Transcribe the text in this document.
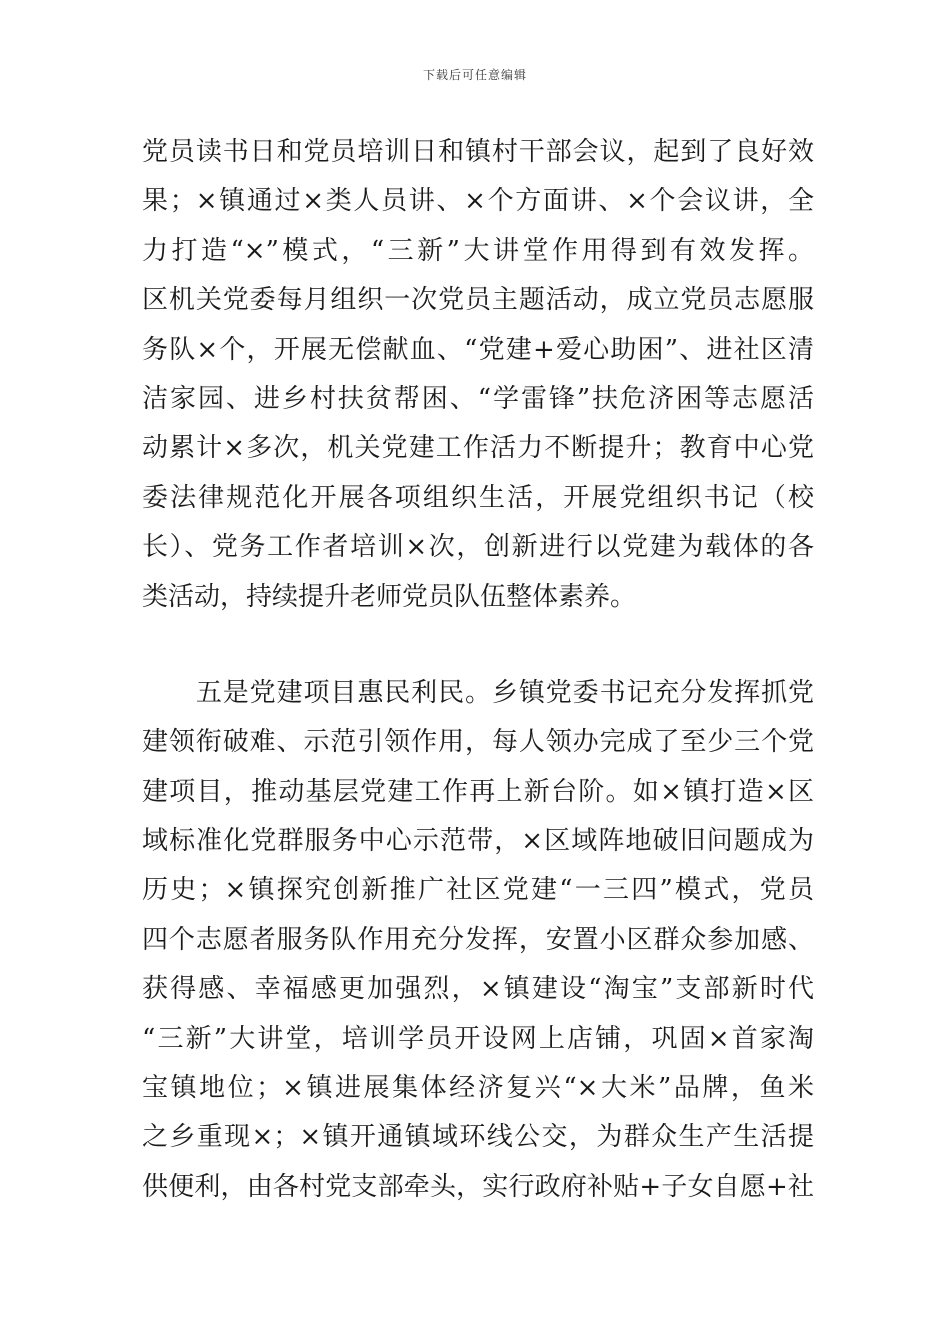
下载后可任意编辑
党员读书日和党员培训日和镇村干部会议，起到了良好效
果；×镇通过×类人员讲、×个方面讲、×个会议讲，全
力打造“×”模式，“三新”大讲堂作用得到有效发挥。
区机关党委每月组织一次党员主题活动，成立党员志愿服
务队×个，开展无偿献血、“党建+爱心助困”、进社区清
洁家园、进乡村扶贫帮困、“学雷锋”扶危济困等志愿活
动累计×多次，机关党建工作活力不断提升；教育中心党
委法律规范化开展各项组织生活，开展党组织书记（校
长）、党务工作者培训×次，创新进行以党建为载体的各
类活动，持续提升老师党员队伍整体素养。
　　五是党建项目惠民利民。乡镇党委书记充分发挥抓党
建领衔破难、示范引领作用，每人领办完成了至少三个党
建项目，推动基层党建工作再上新台阶。如×镇打造×区
域标准化党群服务中心示范带，×区域阵地破旧问题成为
历史；×镇探究创新推广社区党建“一三四”模式，党员
四个志愿者服务队作用充分发挥，安置小区群众参加感、
获得感、幸福感更加强烈，×镇建设“淘宝”支部新时代
“三新”大讲堂，培训学员开设网上店铺，巩固×首家淘
宝镇地位；×镇进展集体经济复兴“×大米”品牌，鱼米
之乡重现×；×镇开通镇域环线公交，为群众生产生活提
供便利，由各村党支部牵头，实行政府补贴+子女自愿+社
